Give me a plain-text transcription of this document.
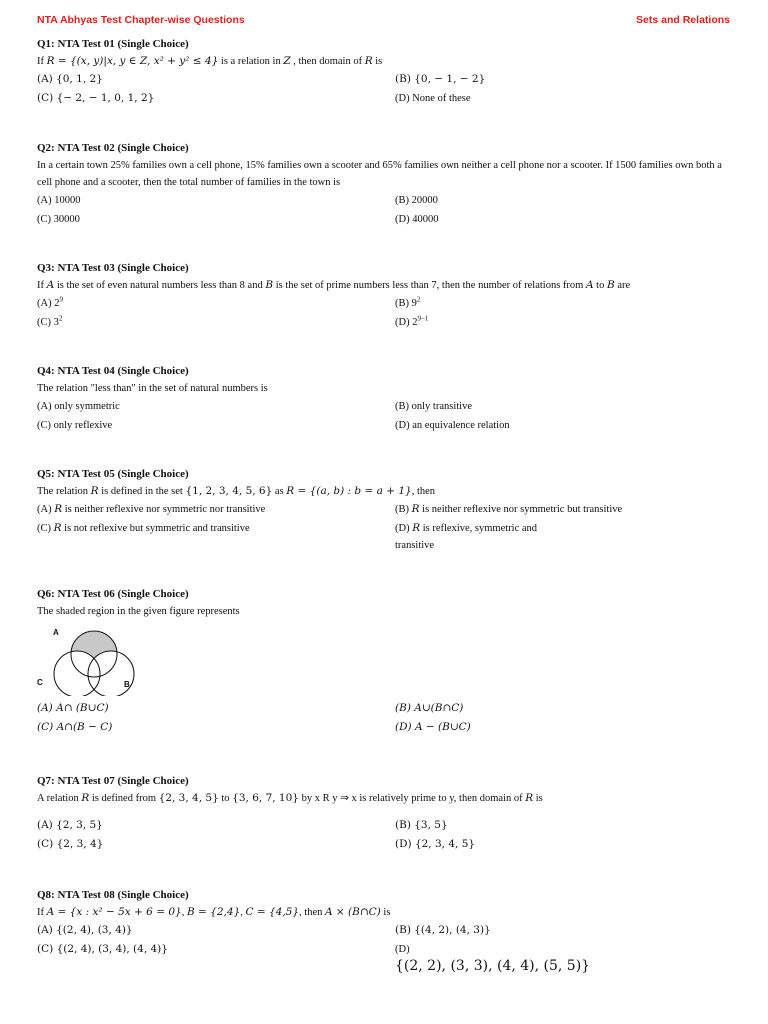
NTA Abhyas Test Chapter-wise Questions	Sets and Relations
Q1: NTA Test 01 (Single Choice)
If R = {(x, y)|x, y ∈ Z, x² + y² ≤ 4} is a relation in Z , then domain of R is
(A) {0, 1, 2}	(B) {0, − 1, − 2}
(C) {− 2, − 1, 0, 1, 2}	(D) None of these
Q2: NTA Test 02 (Single Choice)
In a certain town 25% families own a cell phone, 15% families own a scooter and 65% families own neither a cell phone nor a scooter. If 1500 families own both a cell phone and a scooter, then the total number of families in the town is
(A) 10000	(B) 20000
(C) 30000	(D) 40000
Q3: NTA Test 03 (Single Choice)
If A is the set of even natural numbers less than 8 and B is the set of prime numbers less than 7, then the number of relations from A to B are
(A) $2^9$	(B) $9^2$
(C) $3^2$	(D) $2^{9-1}$
Q4: NTA Test 04 (Single Choice)
The relation "less than" in the set of natural numbers is
(A) only symmetric	(B) only transitive
(C) only reflexive	(D) an equivalence relation
Q5: NTA Test 05 (Single Choice)
The relation R is defined in the set {1, 2, 3, 4, 5, 6} as R = {(a, b) : b = a + 1}, then
(A) R is neither reflexive nor symmetric nor transitive	(B) R is neither reflexive nor symmetric but transitive
(C) R is not reflexive but symmetric and transitive	(D) R is reflexive, symmetric and transitive
Q6: NTA Test 06 (Single Choice)
The shaded region in the given figure represents
A
C	B
(A) A∩ (B∪C)	(B) A∪(B∩C)
(C) A∩(B − C)	(D) A − (B∪C)
Q7: NTA Test 07 (Single Choice)
A relation R is defined from {2, 3, 4, 5} to {3, 6, 7, 10} by x R y ⇒ x is relatively prime to y, then domain of R is
(A) {2, 3, 5}	(B) {3, 5}
(C) {2, 3, 4}	(D) {2, 3, 4, 5}
Q8: NTA Test 08 (Single Choice)
If A = {x : x² − 5x + 6 = 0}, B = {2,4}, C = {4,5}, then A × (B∩C) is
(A) {(2, 4), (3, 4)}	(B) {(4, 2), (4, 3)}
(C) {(2, 4), (3, 4), (4, 4)}	(D)
{(2, 2), (3, 3), (4, 4), (5, 5)}
